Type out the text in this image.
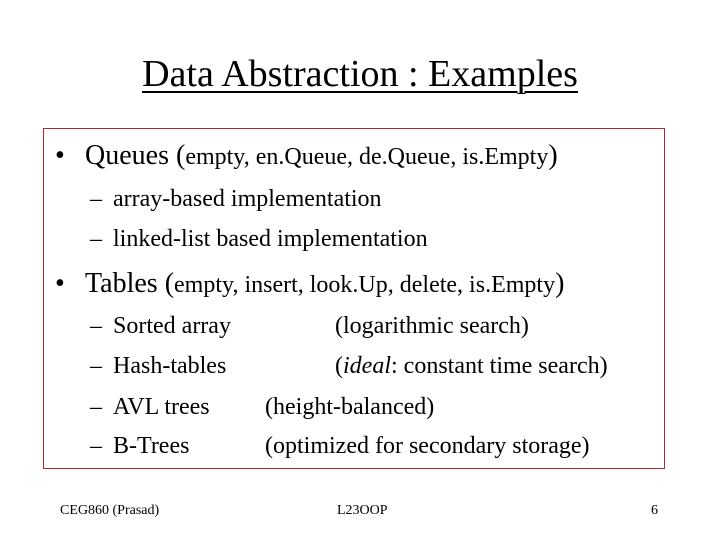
Data Abstraction : Examples
• Queues (empty, en.Queue, de.Queue, is.Empty)
– array-based implementation
– linked-list based implementation
• Tables (empty, insert, look.Up, delete, is.Empty)
– Sorted array	(logarithmic search)
– Hash-tables	(ideal: constant time search)
– AVL trees (height-balanced)
– B-Trees	(optimized for secondary storage)
CEG860 (Prasad)	L23OOP	6
